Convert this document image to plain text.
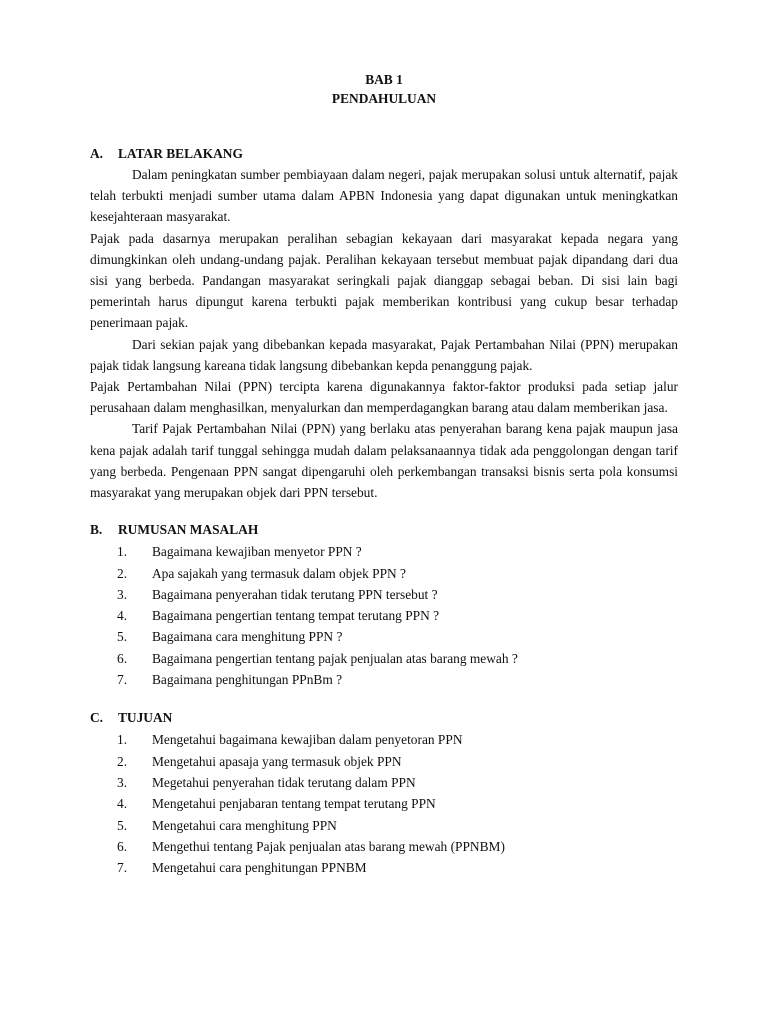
BAB 1
PENDAHULUAN
A.	LATAR BELAKANG

Dalam peningkatan sumber pembiayaan dalam negeri, pajak merupakan solusi untuk alternatif, pajak telah terbukti menjadi sumber utama dalam APBN Indonesia yang dapat digunakan untuk meningkatkan kesejahteraan masyarakat.

Pajak pada dasarnya merupakan peralihan sebagian kekayaan dari masyarakat kepada negara yang dimungkinkan oleh undang-undang pajak. Peralihan kekayaan tersebut membuat pajak dipandang dari dua sisi yang berbeda. Pandangan masyarakat seringkali pajak dianggap sebagai beban. Di sisi lain bagi pemerintah harus dipungut karena terbukti pajak memberikan kontribusi yang cukup besar terhadap penerimaan pajak.

Dari sekian pajak yang dibebankan kepada masyarakat, Pajak Pertambahan Nilai (PPN) merupakan pajak tidak langsung kareana tidak langsung dibebankan kepda penanggung pajak.

Pajak Pertambahan Nilai (PPN) tercipta karena digunakannya faktor-faktor produksi pada setiap jalur perusahaan dalam menghasilkan, menyalurkan dan memperdagangkan barang atau dalam memberikan jasa.

Tarif Pajak Pertambahan Nilai (PPN) yang berlaku atas penyerahan barang kena pajak maupun jasa kena pajak adalah tarif tunggal sehingga mudah dalam pelaksanaannya tidak ada penggolongan dengan tarif yang berbeda. Pengenaan PPN sangat dipengaruhi oleh perkembangan transaksi bisnis serta pola konsumsi masyarakat yang merupakan objek dari PPN tersebut.

B.	RUMUSAN MASALAH
1.	Bagaimana kewajiban menyetor PPN ?
2.	Apa sajakah yang termasuk dalam objek PPN ?
3.	Bagaimana penyerahan tidak terutang PPN tersebut ?
4.	Bagaimana pengertian tentang tempat terutang PPN ?
5.	Bagaimana cara menghitung PPN ?
6.	Bagaimana pengertian tentang pajak penjualan atas barang mewah ?
7.	Bagaimana penghitungan PPnBm ?
C.	TUJUAN
1.	Mengetahui bagaimana kewajiban dalam penyetoran PPN
2.	Mengetahui apasaja yang termasuk objek PPN
3.	Megetahui penyerahan tidak terutang dalam PPN
4.	Mengetahui penjabaran tentang tempat terutang PPN
5.	Mengetahui cara menghitung PPN
6.	Mengethui tentang Pajak penjualan atas barang mewah (PPNBM)
7.	Mengetahui cara penghitungan PPNBM
